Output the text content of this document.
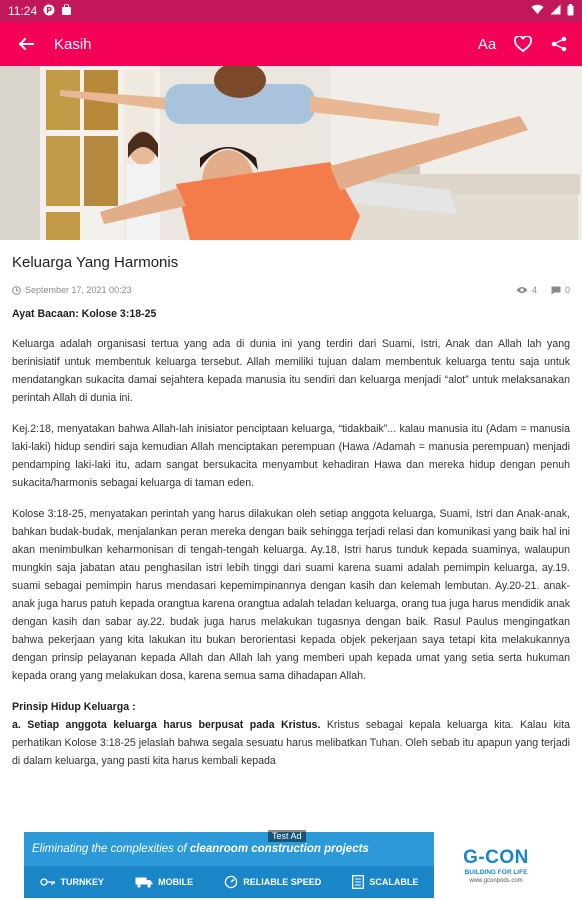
11:24 P
Kasih	Aa
Keluarga Yang Harmonis
September 17, 2021 00:23	4	0

Ayat Bacaan: Kolose 3:18-25

Keluarga adalah organisasi tertua yang ada di dunia ini yang terdiri dari Suami, Istri, Anak dan Allah lah yang berinisiatif untuk membentuk keluarga tersebut. Allah memiliki tujuan dalam membentuk keluarga tentu saja untuk mendatangkan sukacita damai sejahtera kepada manusia itu sendiri dan keluarga menjadi “alot” untuk melaksanakan perintah Allah di dunia ini.

Kej.2:18, menyatakan bahwa Allah-lah inisiator penciptaan keluarga, “tidakbaik”... kalau manusia itu (Adam = manusia laki-laki) hidup sendiri saja kemudian Allah menciptakan perempuan (Hawa /Adamah = manusia perempuan) menjadi pendamping laki-laki itu, adam sangat bersukacita menyambut kehadiran Hawa dan mereka hidup dengan penuh sukacita/harmonis sebagai keluarga di taman eden.

Kolose 3:18-25, menyatakan perintah yang harus dilakukan oleh setiap anggota keluarga, Suami, Istri dan Anak-anak, bahkan budak-budak, menjalankan peran mereka dengan baik sehingga terjadi relasi dan komunikasi yang baik hal ini akan menimbulkan keharmonisan di tengah-tengah keluarga. Ay.18, Istri harus tunduk kepada suaminya, walaupun mungkin saja jabatan atau penghasilan istri lebih tinggi dari suami karena suami adalah pemimpin keluarga, ay.19. suami sebagai pemimpin harus mendasari kepemimpinannya dengan kasih dan kelemah lembutan. Ay.20-21. anak-anak juga harus patuh kepada orangtua karena orangtua adalah teladan keluarga, orang tua juga harus mendidik anak dengan kasih dan sabar ay.22. budak juga harus melakukan tugasnya dengan baik. Rasul Paulus mengingatkan bahwa pekerjaan yang kita lakukan itu bukan berorientasi kepada objek pekerjaan saya tetapi kita melakukannya dengan prinsip pelayanan kepada Allah dan Allah lah yang memberi upah kepada umat yang setia serta hukuman kepada orang yang melakukan dosa, karena semua sama dihadapan Allah.

Prinsip Hidup Keluarga :

a. Setiap anggota keluarga harus berpusat pada Kristus. Kristus sebagai kepala keluarga kita. Kalau kita perhatikan Kolose 3:18-25 jelaslah bahwa segala sesuatu harus melibatkan Tuhan. Oleh sebab itu apapun yang terjadi di dalam keluarga, yang pasti kita harus kembali kepada

Eliminating the complexities of
cleanroom construction projects
TURNKEY	MOBILE	RELIABLE SPEED	SCALABLE
G-CON
BUILDING FOR LIFE
www.gconpods.com
Test Ad
